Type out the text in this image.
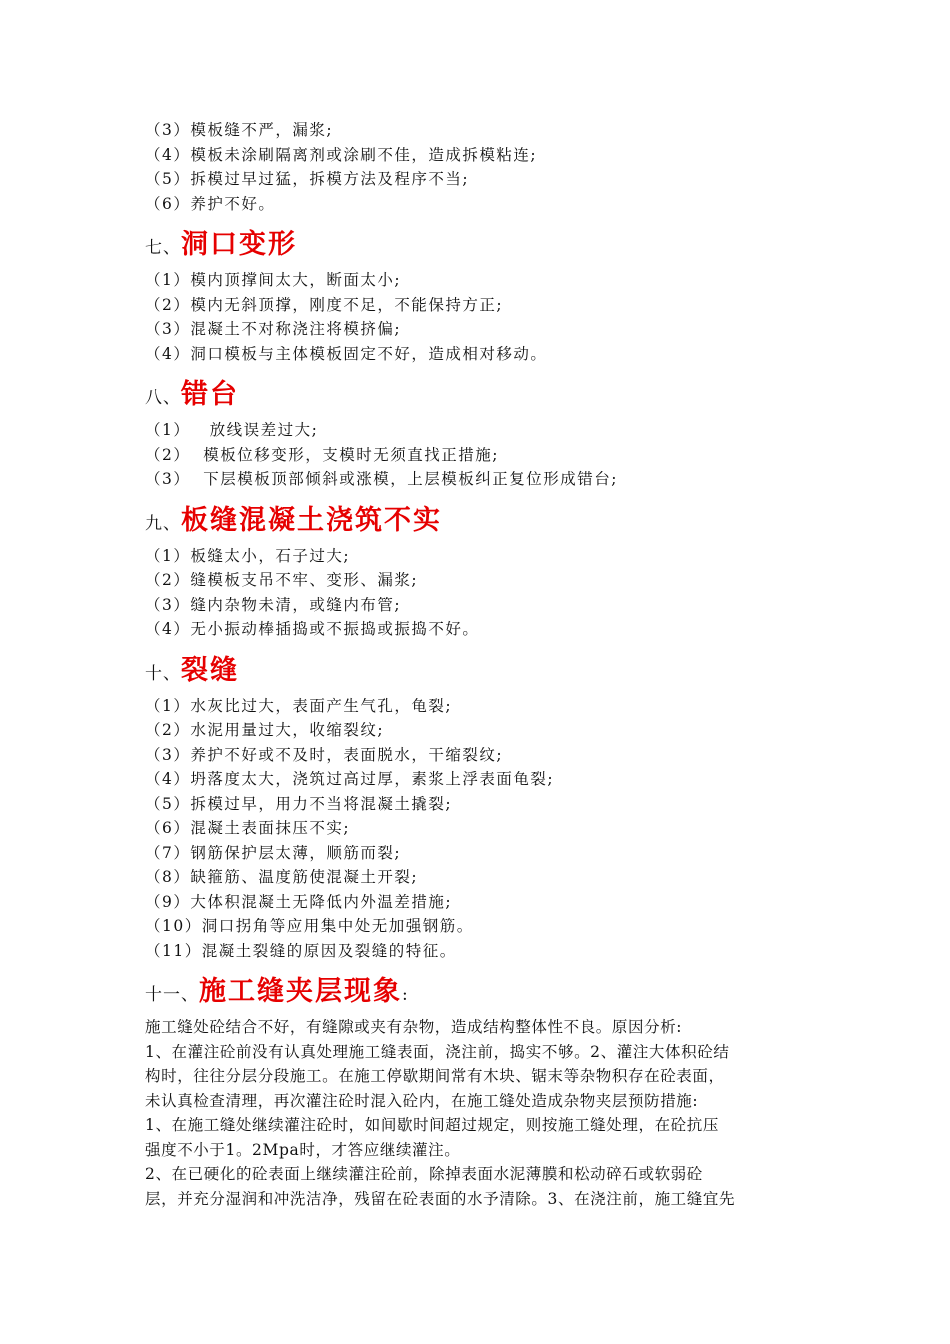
（3）模板缝不严，漏浆;
（4）模板未涂刷隔离剂或涂刷不佳，造成拆模粘连;
（5）拆模过早过猛，拆模方法及程序不当;
（6）养护不好。
七、 洞口变形
（1）模内顶撑间太大，断面太小;
（2）模内无斜顶撑，刚度不足，不能保持方正;
（3）混凝土不对称浇注将模挤偏;
（4）洞口模板与主体模板固定不好，造成相对移动。
八、 错台
（1）   放线误差过大;
（2）  模板位移变形，支模时无须直找正措施;
（3）  下层模板顶部倾斜或涨模，上层模板纠正复位形成错台;
九、 板缝混凝土浇筑不实
（1）板缝太小，石子过大;
（2）缝模板支吊不牢、变形、漏浆;
（3）缝内杂物未清，或缝内布管;
（4）无小振动棒插捣或不振捣或振捣不好。
十、 裂缝
（1）水灰比过大，表面产生气孔，龟裂;
（2）水泥用量过大，收缩裂纹;
（3）养护不好或不及时，表面脱水，干缩裂纹;
（4）坍落度太大，浇筑过高过厚，素浆上浮表面龟裂;
（5）拆模过早，用力不当将混凝土撬裂;
（6）混凝土表面抹压不实;
（7）钢筋保护层太薄，顺筋而裂;
（8）缺箍筋、温度筋使混凝土开裂;
（9）大体积混凝土无降低内外温差措施;
（10）洞口拐角等应用集中处无加强钢筋。
（11）混凝土裂缝的原因及裂缝的特征。
十一、 施工缝夹层现象 :
施工缝处砼结合不好，有缝隙或夹有杂物，造成结构整体性不良。原因分析:
1、在灌注砼前没有认真处理施工缝表面，浇注前，捣实不够。2、灌注大体积砼结
构时，往往分层分段施工。在施工停歇期间常有木块、锯末等杂物积存在砼表面，
未认真检查清理，再次灌注砼时混入砼内，在施工缝处造成杂物夹层预防措施:
1、在施工缝处继续灌注砼时，如间歇时间超过规定，则按施工缝处理，在砼抗压
强度不小于1。2Mpa时，才答应继续灌注。
2、在已硬化的砼表面上继续灌注砼前，除掉表面水泥薄膜和松动碎石或软弱砼
层，并充分湿润和冲洗洁净，残留在砼表面的水予清除。3、在浇注前，施工缝宜先
